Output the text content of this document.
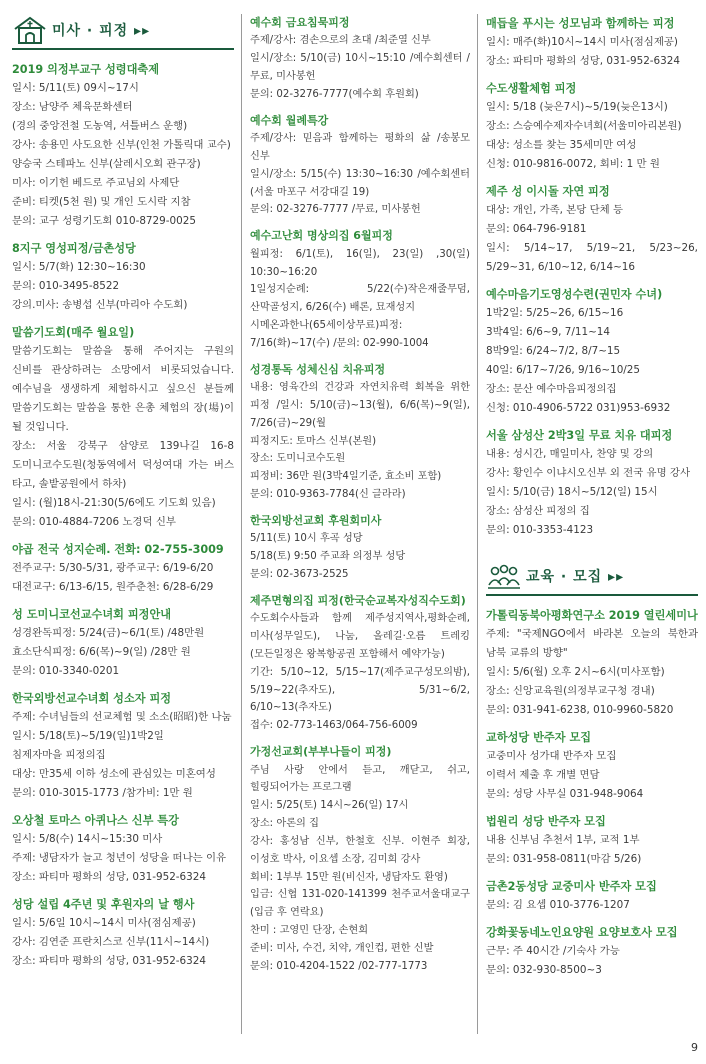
미사 · 피정 ▸▸

2019 의정부교구 성령대축제

일시: 5/11(토) 09시~17시

장소: 남양주 체육문화센터

(경의 중앙전철 도농역, 셔틀버스 운행)

강사: 송용민 사도요한 신부(인천 가톨릭대 교수)

양승국 스테파노 신부(살레시오회 관구장)

미사: 이기헌 베드로 주교님외 사제단

준비: 티켓(5천 원) 및 개인 도시락 지참

문의: 교구 성령기도회 010-8729-0025

8지구 영성피정/금촌성당

일시: 5/7(화) 12:30~16:30

문의: 010-3495-8522

강의.미사: 송병섭 신부(마리아 수도회)

말씀기도회(매주 월요일)

말씀기도회는 말씀을 통해 주어지는 구원의 신비를 관상하려는 소망에서 비롯되었습니다. 예수님을 생생하게 체험하시고 싶으신 분들께 말씀기도회는 말씀을 통한 은총 체험의 장(場)이 될 것입니다.

장소: 서울 강북구 삼양로 139나길 16-8 도미니코수도원(청동역에서 덕성여대 가는 버스 타고, 솔밭공원에서 하차)

일시: (월)18시-21:30(5/6에도 기도회 있음)

문의: 010-4884-7206 노경덕 신부

야곱 전국 성지순례. 전화: 02-755-3009

전주교구: 5/30-5/31, 광주교구: 6/19-6/20

대전교구: 6/13-6/15, 원주춘천: 6/28-6/29

성 도미니코선교수녀회 피정안내

성경완독피정: 5/24(금)~6/1(토) /48만원

효소단식피정: 6/6(목)~9(일) /28만 원

문의: 010-3340-0201

한국외방선교수녀회 성소자 피정

주제: 수녀님들의 선교체험 및 소소(昭昭)한 나눔

일시: 5/18(토)~5/19(일)1박2일

침제자마을 피정의집

대상: 만35세 이하 성소에 관심있는 미혼여성

문의: 010-3015-1773 /참가비: 1만 원

오상철 토마스 아퀴나스 신부 특강

일시: 5/8(수) 14시~15:30 미사

주제: 냉담자가 늘고 청년이 성당을 떠나는 이유

장소: 파티마 평화의 성당, 031-952-6324

성당 설립 4주년 및 후원자의 날 행사

일시: 5/6일 10시~14시 미사(점심제공)

강사: 김연준 프란치스코 신부(11시~14시)

장소: 파티마 평화의 성당, 031-952-6324

예수회 금요침묵피정

주제/강사: 겸손으로의 초대 /최준열 신부

일시/장소: 5/10(금) 10시~15:10 /예수회센터 /무료, 미사봉헌

문의: 02-3276-7777(예수회 후원회)

예수회 월례특강

주제/강사: 믿음과 함께하는 평화의 삶 /송봉모 신부

일시/장소: 5/15(수) 13:30~16:30 /예수회센터(서울 마포구 서강대길 19)

문의: 02-3276-7777 /무료, 미사봉헌

예수고난회 명상의집 6월피정

월피정: 6/1(토), 16(일), 23(일) ,30(일) 10:30~16:20

1일성지순례: 5/22(수)작은재줄무덤, 산막골성지, 6/26(수) 배론, 묘재성지

시메온과한나(65세이상무료)피정: 7/16(화)~17(수) /문의: 02-990-1004

성경통독 성체신심 치유피정

내용: 영육간의 건강과 자연치유력 회복을 위한 피정 /일시: 5/10(금)~13(월), 6/6(목)~9(일), 7/26(금)~29(월

피정지도: 토마스 신부(본원)

장소: 도미니코수도원

피정비: 36만 원(3박4일기준, 효소비 포함)

문의: 010-9363-7784(신 글라라)

한국외방선교회 후원회미사

5/11(토) 10시 후곡 성당

5/18(토) 9:50 주교좌 의정부 성당

문의: 02-3673-2525

제주면형의집 피정(한국순교복자성직수도회)

수도회수사들과 함께 제주성지역사,평화순례, 미사(성무일도), 나눔, 올레길·오름 트레킹(모든일정은 왕복항공권 포함해서 예약가능)

기간: 5/10~12, 5/15~17(제주교구성모의밤), 5/19~22(추자도), 5/31~6/2, 6/10~13(추자도)

접수: 02-773-1463/064-756-6009

가정선교회(부부나들이 피정)

주님 사랑 안에서 듣고, 깨닫고, 쉬고, 힐링되어가는 프로그램

일시: 5/25(토) 14시~26(일) 17시

장소: 아론의 집

강사: 홍성남 신부, 한철호 신부. 이현주 회장, 이성호 박사, 이요셉 소장, 김미희 강사

회비: 1부부 15만 원(비신자, 냉담자도 환영)

입금: 신협 131-020-141399 천주교서울대교구(입금 후 연락요)

찬미 : 고영민 단장, 손현희

준비: 미사, 수건, 치약, 개인컵, 편한 신발

문의: 010-4204-1522 /02-777-1773

매듭을 푸시는 성모님과 함께하는 피정

일시: 매주(화)10시~14시 미사(점심제공)

장소: 파티마 평화의 성당, 031-952-6324

수도생활체험 피정

일시: 5/18 (늦은7시)~5/19(늦은13시)

장소: 스승예수제자수녀회(서울미아리본원)

대상: 성소를 찾는 35세미만 여성

신청: 010-9816-0072, 회비: 1 만 원

제주 성 이시돌 자연 피정

대상: 개인, 가족, 본당 단체 등

문의: 064-796-9181

일시: 5/14~17, 5/19~21, 5/23~26, 5/29~31, 6/10~12, 6/14~16

예수마음기도영성수련(권민자 수녀)

1박2일: 5/25~26, 6/15~16

3박4일: 6/6~9, 7/11~14

8박9일: 6/24~7/2, 8/7~15

40일: 6/17~7/26, 9/16~10/25

장소: 문산 예수마음피정의집

신청: 010-4906-5722 031)953-6932

서울 삼성산 2박3일 무료 치유 대피정

내용: 성시간, 매일미사, 찬양 및 강의

강사: 황인수 이냐시오신부 외 전국 유명 강사

일시: 5/10(금) 18시~5/12(일) 15시

장소: 삼성산 피정의 집

문의: 010-3353-4123

교육 · 모집 ▸▸

가톨릭동북아평화연구소 2019 열린세미나

주제: "국제NGO에서 바라본 오늘의 북한과 남북 교류의 방향"

일시: 5/6(월) 오후 2시~6시(미사포함)

장소: 신앙교육원(의정부교구청 경내)

문의: 031-941-6238, 010-9960-5820

교하성당 반주자 모집

교중미사 성가대 반주자 모집

이력서 제출 후 개별 면담

문의: 성당 사무실 031-948-9064

법원리 성당 반주자 모집

내용 신부님 추천서 1부, 교적 1부

문의: 031-958-0811(마감 5/26)

금촌2동성당 교중미사 반주자 모집

문의: 김 요셉 010-3776-1207

강화꽃동네노인요양원 요양보호사 모집

근무: 주 40시간 /기숙사 가능

문의: 032-930-8500~3

9
